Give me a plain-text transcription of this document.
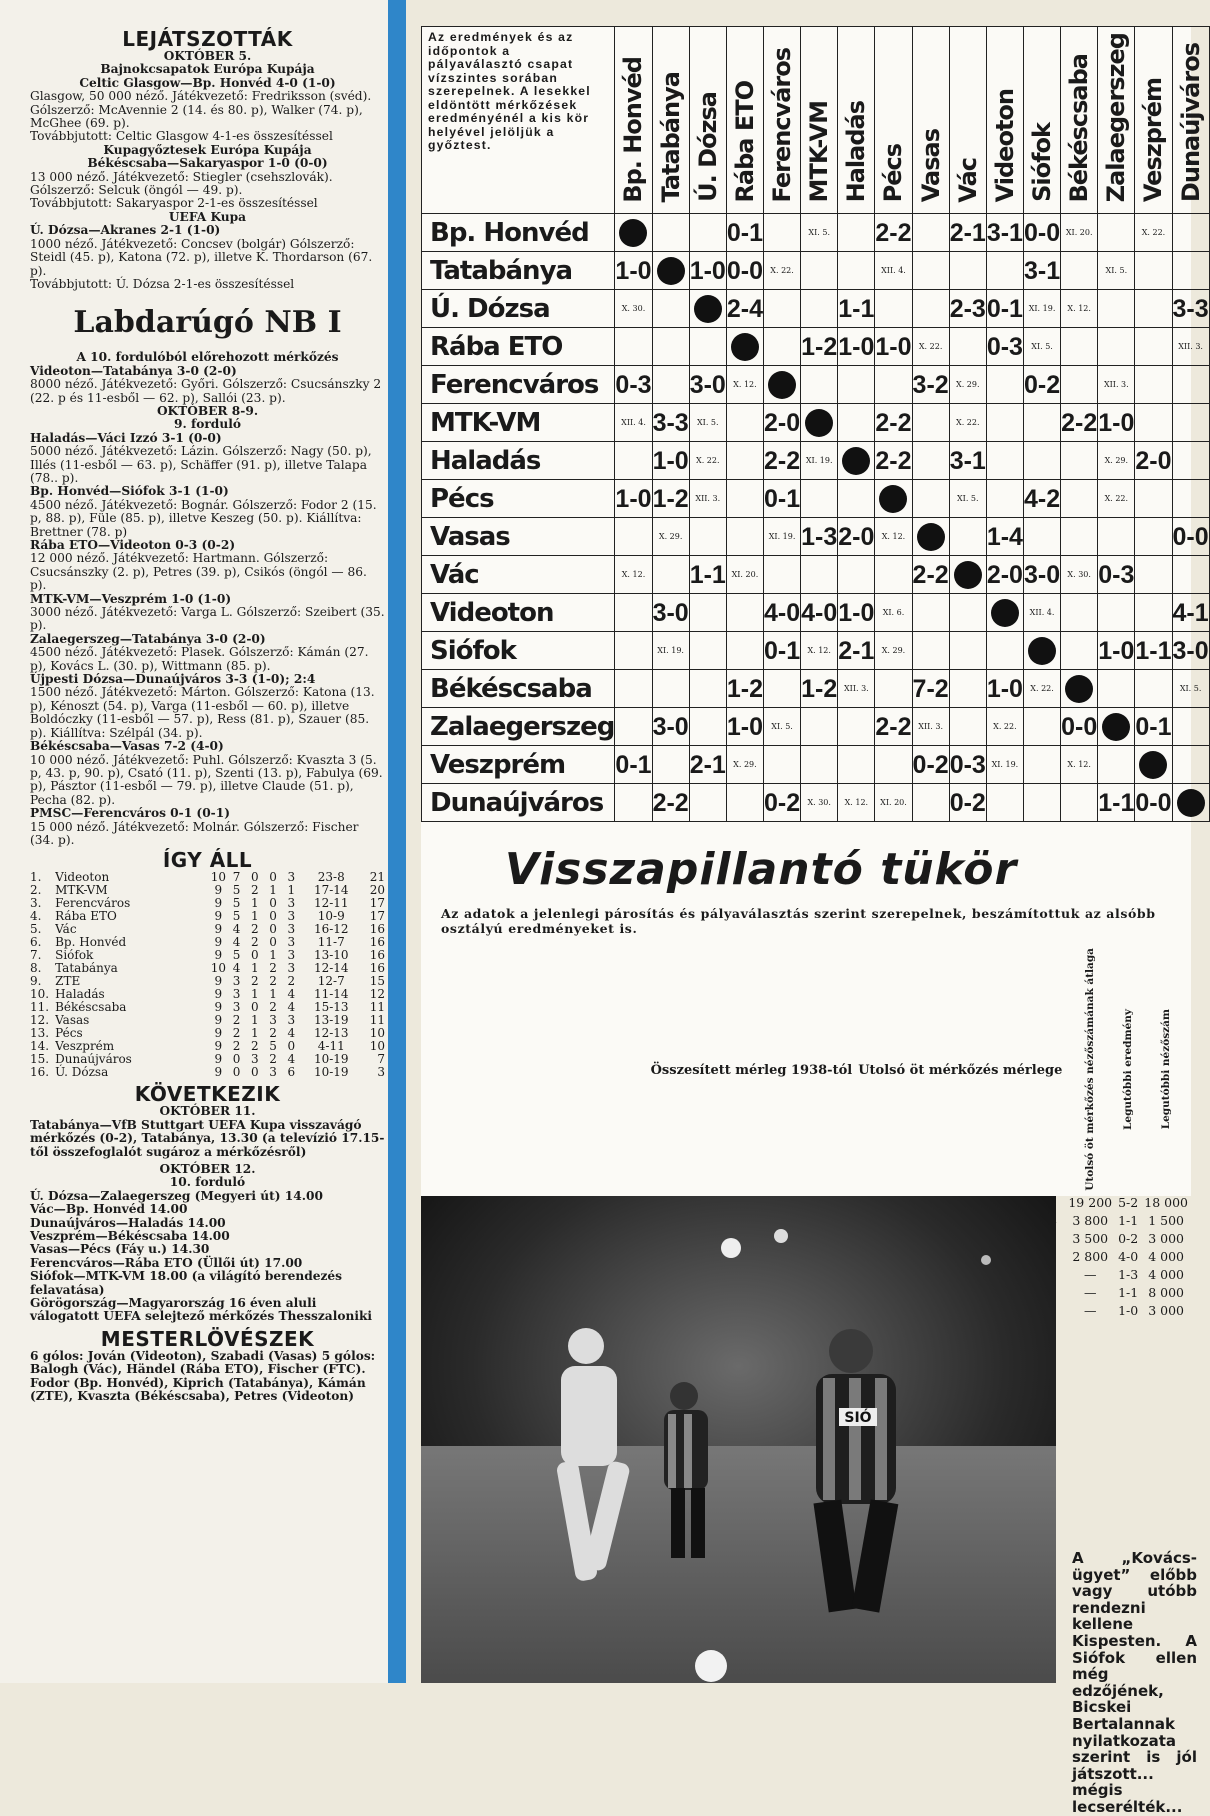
LEJÁTSZOTTÁK
OKTÓBER 5.
Bajnokcsapatok Európa Kupája
Celtic Glasgow—Bp. Honvéd 4-0 (1-0)

Glasgow, 50 000 néző. Játékvezető: Fredriksson (svéd). Gólszerző: McAvennie 2 (14. és 80. p), Walker (74. p), McGhee (69. p).

Továbbjutott: Celtic Glasgow 4-1-es összesítéssel

Kupagyőztesek Európa Kupája
Békéscsaba—Sakaryaspor 1-0 (0-0)

13 000 néző. Játékvezető: Stiegler (csehszlovák). Gólszerző: Selcuk (öngól — 49. p).

Továbbjutott: Sakaryaspor 2-1-es összesítéssel

UEFA Kupa
Ú. Dózsa—Akranes 2-1 (1-0)

1000 néző. Játékvezető: Concsev (bolgár) Gólszerző: Steidl (45. p), Katona (72. p), illetve K. Thordarson (67. p).

Továbbjutott: Ú. Dózsa 2-1-es összesítéssel

Labdarúgó NB I
A 10. fordulóból előrehozott mérkőzés
Videoton—Tatabánya 3-0 (2-0)

8000 néző. Játékvezető: Győri. Gólszerző: Csucsánszky 2 (22. p és 11-esből — 62. p), Sallói (23. p).

OKTÓBER 8-9.
9. forduló
Haladás—Váci Izzó 3-1 (0-0)

5000 néző. Játékvezető: Lázin. Gólszerző: Nagy (50. p), Illés (11-esből — 63. p), Schäffer (91. p), illetve Talapa (78.. p).

Bp. Honvéd—Siófok 3-1 (1-0)

4500 néző. Játékvezető: Bognár. Gólszerző: Fodor 2 (15. p, 88. p), Füle (85. p), illetve Keszeg (50. p). Kiállítva: Brettner (78. p)

Rába ETO—Videoton 0-3 (0-2)

12 000 néző. Játékvezető: Hartmann. Gólszerző: Csucsánszky (2. p), Petres (39. p), Csikós (öngól — 86. p).

MTK-VM—Veszprém 1-0 (1-0)

3000 néző. Játékvezető: Varga L. Gólszerző: Szeibert (35. p).

Zalaegerszeg—Tatabánya 3-0 (2-0)

4500 néző. Játékvezető: Plasek. Gólszerző: Kámán (27. p), Kovács L. (30. p), Wittmann (85. p).

Újpesti Dózsa—Dunaújváros 3-3 (1-0); 2:4

1500 néző. Játékvezető: Márton. Gólszerző: Katona (13. p), Kénoszt (54. p), Varga (11-esből — 60. p), illetve Boldóczky (11-esből — 57. p), Ress (81. p), Szauer (85. p). Kiállítva: Szélpál (34. p).

Békéscsaba—Vasas 7-2 (4-0)

10 000 néző. Játékvezető: Puhl. Gólszerző: Kvaszta 3 (5. p, 43. p, 90. p), Csató (11. p), Szenti (13. p), Fabulya (69. p), Pásztor (11-esből — 79. p), illetve Claude (51. p), Pecha (82. p).

PMSC—Ferencváros 0-1 (0-1)

15 000 néző. Játékvezető: Molnár. Gólszerző: Fischer (34. p).

ÍGY ÁLL
1.	Videoton	10	7	0	0	3	23-8	21
2.	MTK-VM	9	5	2	1	1	17-14	20
3.	Ferencváros	9	5	1	0	3	12-11	17
4.	Rába ETO	9	5	1	0	3	10-9	17
5.	Vác	9	4	2	0	3	16-12	16
6.	Bp. Honvéd	9	4	2	0	3	11-7	16
7.	Siófok	9	5	0	1	3	13-10	16
8.	Tatabánya	10	4	1	2	3	12-14	16
9.	ZTE	9	3	2	2	2	12-7	15
10.	Haladás	9	3	1	1	4	11-14	12
11.	Békéscsaba	9	3	0	2	4	15-13	11
12.	Vasas	9	2	1	3	3	13-19	11
13.	Pécs	9	2	1	2	4	12-13	10
14.	Veszprém	9	2	2	5	0	4-11	10
15.	Dunaújváros	9	0	3	2	4	10-19	7
16.	Ú. Dózsa	9	0	0	3	6	10-19	3
KÖVETKEZIK
OKTÓBER 11.

Tatabánya—VfB Stuttgart UEFA Kupa visszavágó mérkőzés (0-2), Tatabánya, 13.30 (a televízió 17.15-től összefoglalót sugároz a mérkőzésről)

OKTÓBER 12.
10. forduló
Ú. Dózsa—Zalaegerszeg (Megyeri út) 14.00
Vác—Bp. Honvéd 14.00
Dunaújváros—Haladás 14.00
Veszprém—Békéscsaba 14.00
Vasas—Pécs (Fáy u.) 14.30
Ferencváros—Rába ETO (Üllői út) 17.00
Siófok—MTK-VM 18.00 (a világító berendezés felavatása)
Görögország—Magyarország 16 éven aluli válogatott UEFA selejtező mérkőzés Thesszaloniki
MESTERLÖVÉSZEK

6 gólos: Jován (Videoton), Szabadi (Vasas) 5 gólos: Balogh (Vác), Händel (Rába ETO), Fischer (FTC). Fodor (Bp. Honvéd), Kiprich (Tatabánya), Kámán (ZTE), Kvaszta (Békéscsaba), Petres (Videoton)

Az eredmények és az időpontok a pályaválasztó csapat vízszintes sorában szerepelnek. A lesekkel eldöntött mérkőzések eredményénél a kis kör helyével jelöljük a győztest.	Bp. Honvéd	Tatabánya	Ú. Dózsa	Rába ETO	Ferencváros	MTK-VM	Haladás	Pécs	Vasas	Vác	Videoton	Siófok	Békéscsaba	Zalaegerszeg	Veszprém	Dunaújváros
Bp. Honvéd				0-1		XI. 5.		2-2		2-1	3-1	0-0	XI. 20.		X. 22.	
Tatabánya	1-0		1-0	0-0	X. 22.			XII. 4.				3-1		XI. 5.		
Ú. Dózsa	X. 30.			2-4			1-1			2-3	0-1	XI. 19.	X. 12.			3-3
Rába ETO						1-2	1-0	1-0	X. 22.		0-3	XI. 5.				XII. 3.
Ferencváros	0-3		3-0	X. 12.					3-2	X. 29.		0-2		XII. 3.		
MTK-VM	XII. 4.	3-3	XI. 5.		2-0			2-2		X. 22.			2-2	1-0		
Haladás		1-0	X. 22.		2-2	XI. 19.		2-2		3-1				X. 29.	2-0	
Pécs	1-0	1-2	XII. 3.		0-1					XI. 5.		4-2		X. 22.		
Vasas		X. 29.			XI. 19.	1-3	2-0	X. 12.			1-4					0-0
Vác	X. 12.		1-1	XI. 20.					2-2		2-0	3-0	X. 30.	0-3		
Videoton		3-0			4-0	4-0	1-0	XI. 6.				XII. 4.				4-1
Siófok		XI. 19.			0-1	X. 12.	2-1	X. 29.						1-0	1-1	3-0
Békéscsaba				1-2		1-2	XII. 3.		7-2		1-0	X. 22.				XI. 5.
Zalaegerszeg		3-0		1-0	XI. 5.			2-2	XII. 3.		X. 22.		0-0		0-1	
Veszprém	0-1		2-1	X. 29.					0-2	0-3	XI. 19.		X. 12.			
Dunaújváros		2-2			0-2	X. 30.	X. 12.	XI. 20.		0-2				1-1	0-0	
Visszapillantó tükör
Az adatok a jelenlegi párosítás és pályaválasztás szerint szerepelnek, beszámítottuk az alsóbb osztályú eredményeket is.
	Összesített mérleg 1938-tól						Utolsó öt mérkőzés mérlege						Utolsó öt mérkőzés nézőszámának átlaga	Legutóbbi eredmény	Legutóbbi nézőszám
													19 200	5-2	18 000
													3 800	1-1	1 500
													3 500	0-2	3 000
													2 800	4-0	4 000
													—	1-3	4 000
													—	1-1	8 000
													—	1-0	3 000
SIÓ
A „Kovács-ügyet” előbb vagy utóbb rendezni kellene Kispesten. A Siófok ellen még edzőjének, Bicskei Bertalannak nyilatkozata szerint is jól játszott... mégis lecserélték...
